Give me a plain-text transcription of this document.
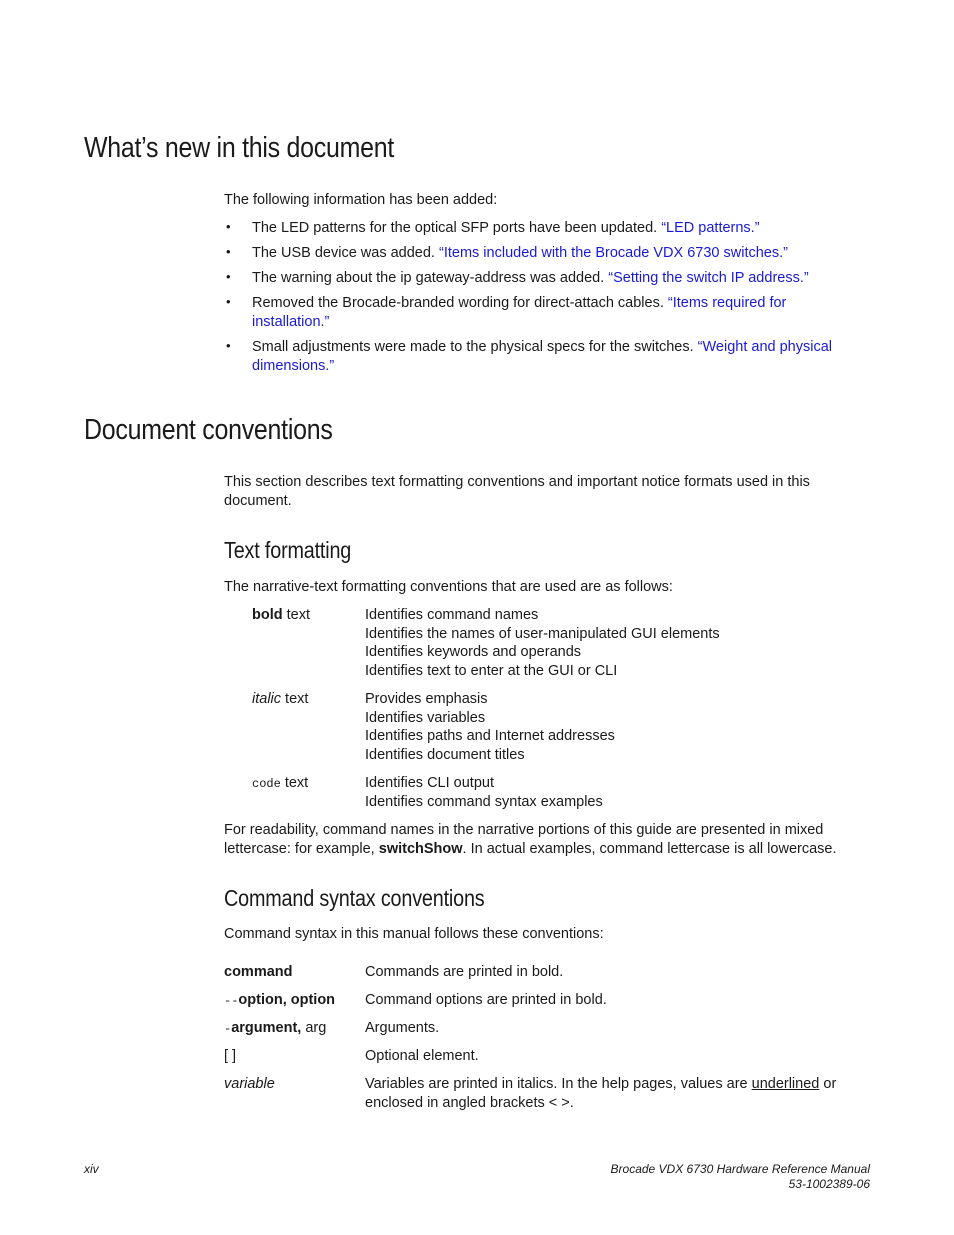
What’s new in this document
The following information has been added:
• The LED patterns for the optical SFP ports have been updated. “LED patterns.”
• The USB device was added. “Items included with the Brocade VDX 6730 switches.”
• The warning about the ip gateway-address was added. “Setting the switch IP address.”
• Removed the Brocade-branded wording for direct-attach cables. “Items required for
installation.”
• Small adjustments were made to the physical specs for the switches. “Weight and physical
dimensions.”
Document conventions
This section describes text formatting conventions and important notice formats used in this
document.
Text formatting
The narrative-text formatting conventions that are used are as follows:
bold text	Identifies command names
Identifies the names of user-manipulated GUI elements
Identifies keywords and operands
Identifies text to enter at the GUI or CLI
italic text	Provides emphasis
Identifies variables
Identifies paths and Internet addresses
Identifies document titles
code text	Identifies CLI output
Identifies command syntax examples
For readability, command names in the narrative portions of this guide are presented in mixed
lettercase: for example, switchShow. In actual examples, command lettercase is all lowercase.
Command syntax conventions
Command syntax in this manual follows these conventions:
command	Commands are printed in bold.
--option, option Command options are printed in bold.
-argument, arg	Arguments.
[ ]	Optional element.
variable	Variables are printed in italics. In the help pages, values are underlined or
enclosed in angled brackets < >.
xiv	Brocade VDX 6730 Hardware Reference Manual
53-1002389-06
